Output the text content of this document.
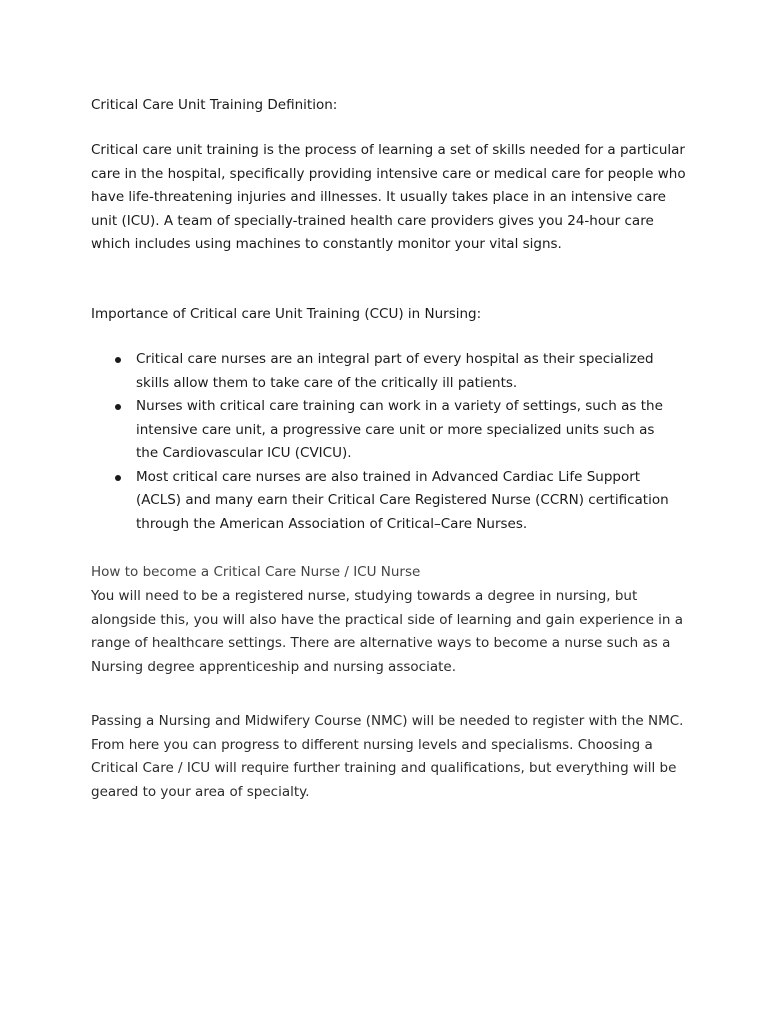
Critical Care Unit Training Definition:

Critical care unit training is the process of learning a set of skills needed for a particular care in the hospital, specifically providing intensive care or medical care for people who have life-threatening injuries and illnesses. It usually takes place in an intensive care unit (ICU). A team of specially-trained health care providers gives you 24-hour care which includes using machines to constantly monitor your vital signs.

Importance of Critical care Unit Training (CCU) in Nursing:

Critical care nurses are an integral part of every hospital as their specialized skills allow them to take care of the critically ill patients.
Nurses with critical care training can work in a variety of settings, such as the intensive care unit, a progressive care unit or more specialized units such as the Cardiovascular ICU (CVICU).
Most critical care nurses are also trained in Advanced Cardiac Life Support (ACLS) and many earn their Critical Care Registered Nurse (CCRN) certification through the American Association of Critical–Care Nurses.

How to become a Critical Care Nurse / ICU Nurse

You will need to be a registered nurse, studying towards a degree in nursing, but alongside this, you will also have the practical side of learning and gain experience in a range of healthcare settings. There are alternative ways to become a nurse such as a Nursing degree apprenticeship and nursing associate.

Passing a Nursing and Midwifery Course (NMC) will be needed to register with the NMC. From here you can progress to different nursing levels and specialisms. Choosing a Critical Care / ICU will require further training and qualifications, but everything will be geared to your area of specialty.
